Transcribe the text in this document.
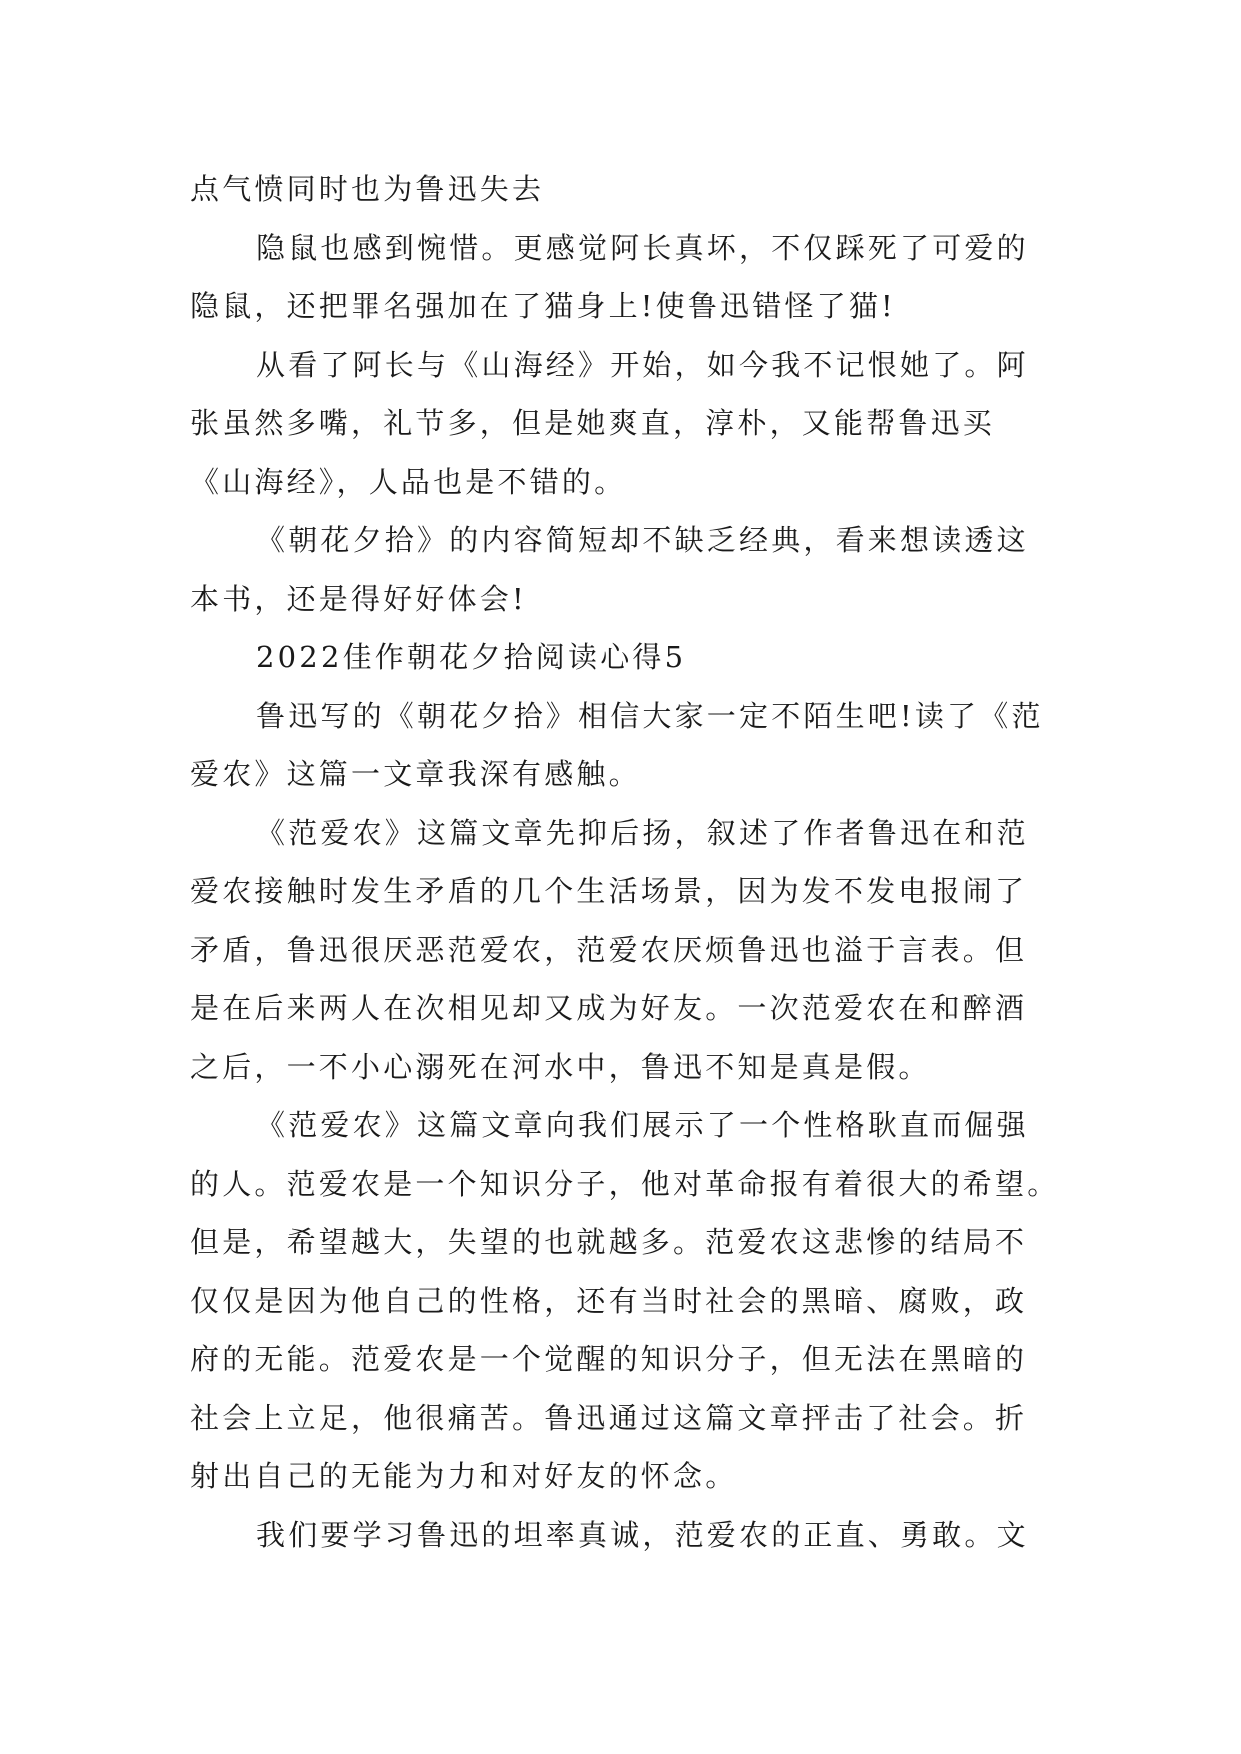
点气愤同时也为鲁迅失去
隐鼠也感到惋惜。更感觉阿长真坏，不仅踩死了可爱的
隐鼠，还把罪名强加在了猫身上!使鲁迅错怪了猫!
从看了阿长与《山海经》开始，如今我不记恨她了。阿
张虽然多嘴，礼节多，但是她爽直，淳朴，又能帮鲁迅买
《山海经》，人品也是不错的。
《朝花夕拾》的内容简短却不缺乏经典，看来想读透这
本书，还是得好好体会!
2022佳作朝花夕拾阅读心得5
鲁迅写的《朝花夕拾》相信大家一定不陌生吧!读了《范
爱农》这篇一文章我深有感触。
《范爱农》这篇文章先抑后扬，叙述了作者鲁迅在和范
爱农接触时发生矛盾的几个生活场景，因为发不发电报闹了
矛盾，鲁迅很厌恶范爱农，范爱农厌烦鲁迅也溢于言表。但
是在后来两人在次相见却又成为好友。一次范爱农在和醉酒
之后，一不小心溺死在河水中，鲁迅不知是真是假。
《范爱农》这篇文章向我们展示了一个性格耿直而倔强
的人。范爱农是一个知识分子，他对革命报有着很大的希望。
但是，希望越大，失望的也就越多。范爱农这悲惨的结局不
仅仅是因为他自己的性格，还有当时社会的黑暗、腐败，政
府的无能。范爱农是一个觉醒的知识分子，但无法在黑暗的
社会上立足，他很痛苦。鲁迅通过这篇文章抨击了社会。折
射出自己的无能为力和对好友的怀念。
我们要学习鲁迅的坦率真诚，范爱农的正直、勇敢。文
